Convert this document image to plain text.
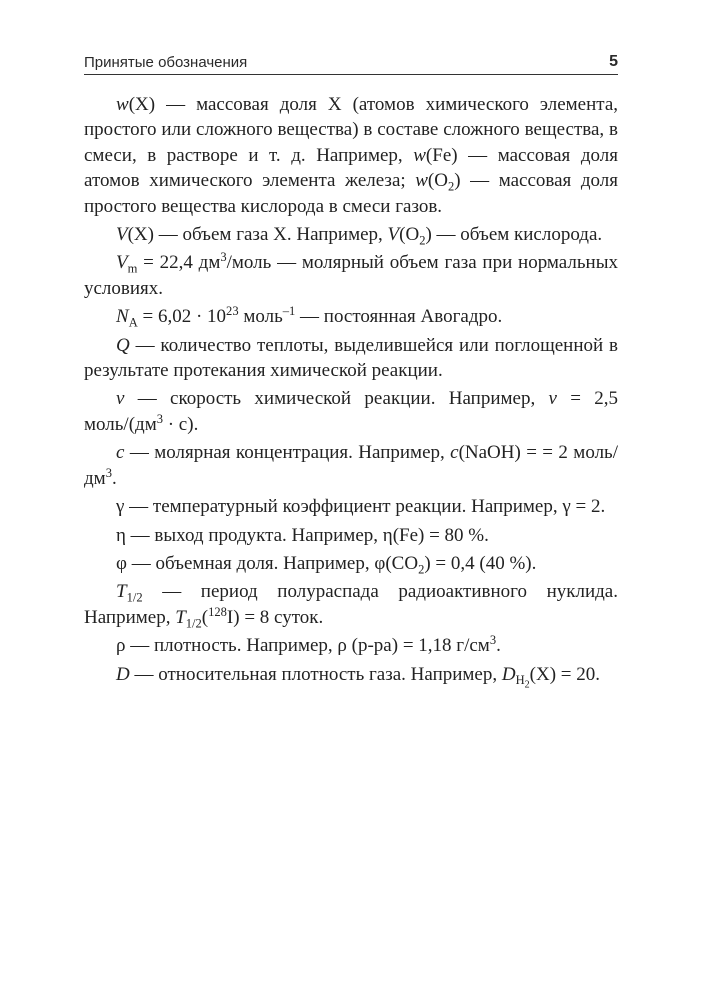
Принятые обозначения	5

w(X) — массовая доля X (атомов химического элемента, простого или сложного вещества) в составе сложного вещества, в смеси, в растворе и т. д. Например, w(Fe) — массовая доля атомов химического элемента железа; $w(O_2)$ — массовая доля простого вещества кислорода в смеси газов.

V(X) — объем газа X. Например, $V(O_2)$ — объем кислорода.

$V_m = 22,4$ $дм^3$/моль — молярный объем газа при нормальных условиях.

$N_A = 6,02 \cdot 10^{23}$ моль$^{-1}$ — постоянная Авогадро.

Q — количество теплоты, выделившейся или поглощенной в результате протекания химической реакции.

v — скорость химической реакции. Например, v = 2,5 моль/$(дм^3 \cdot с)$.

c — молярная концентрация. Например, c(NaOH) = = 2 моль/$дм^3$.

γ — температурный коэффициент реакции. Например, γ = 2.

η — выход продукта. Например, η(Fe) = 80 %.

φ — объемная доля. Например, $\varphi(CO_2) = 0,4$ (40 %).

$T_{1/2}$ — период полураспада радиоактивного нуклида. Например, $T_{1/2}(^{128}I) = 8$ суток.

ρ — плотность. Например, ρ (р-ра) = 1,18 $г/см^3$.

D — относительная плотность газа. Например, $D_{H_2}(X) = 20$.
